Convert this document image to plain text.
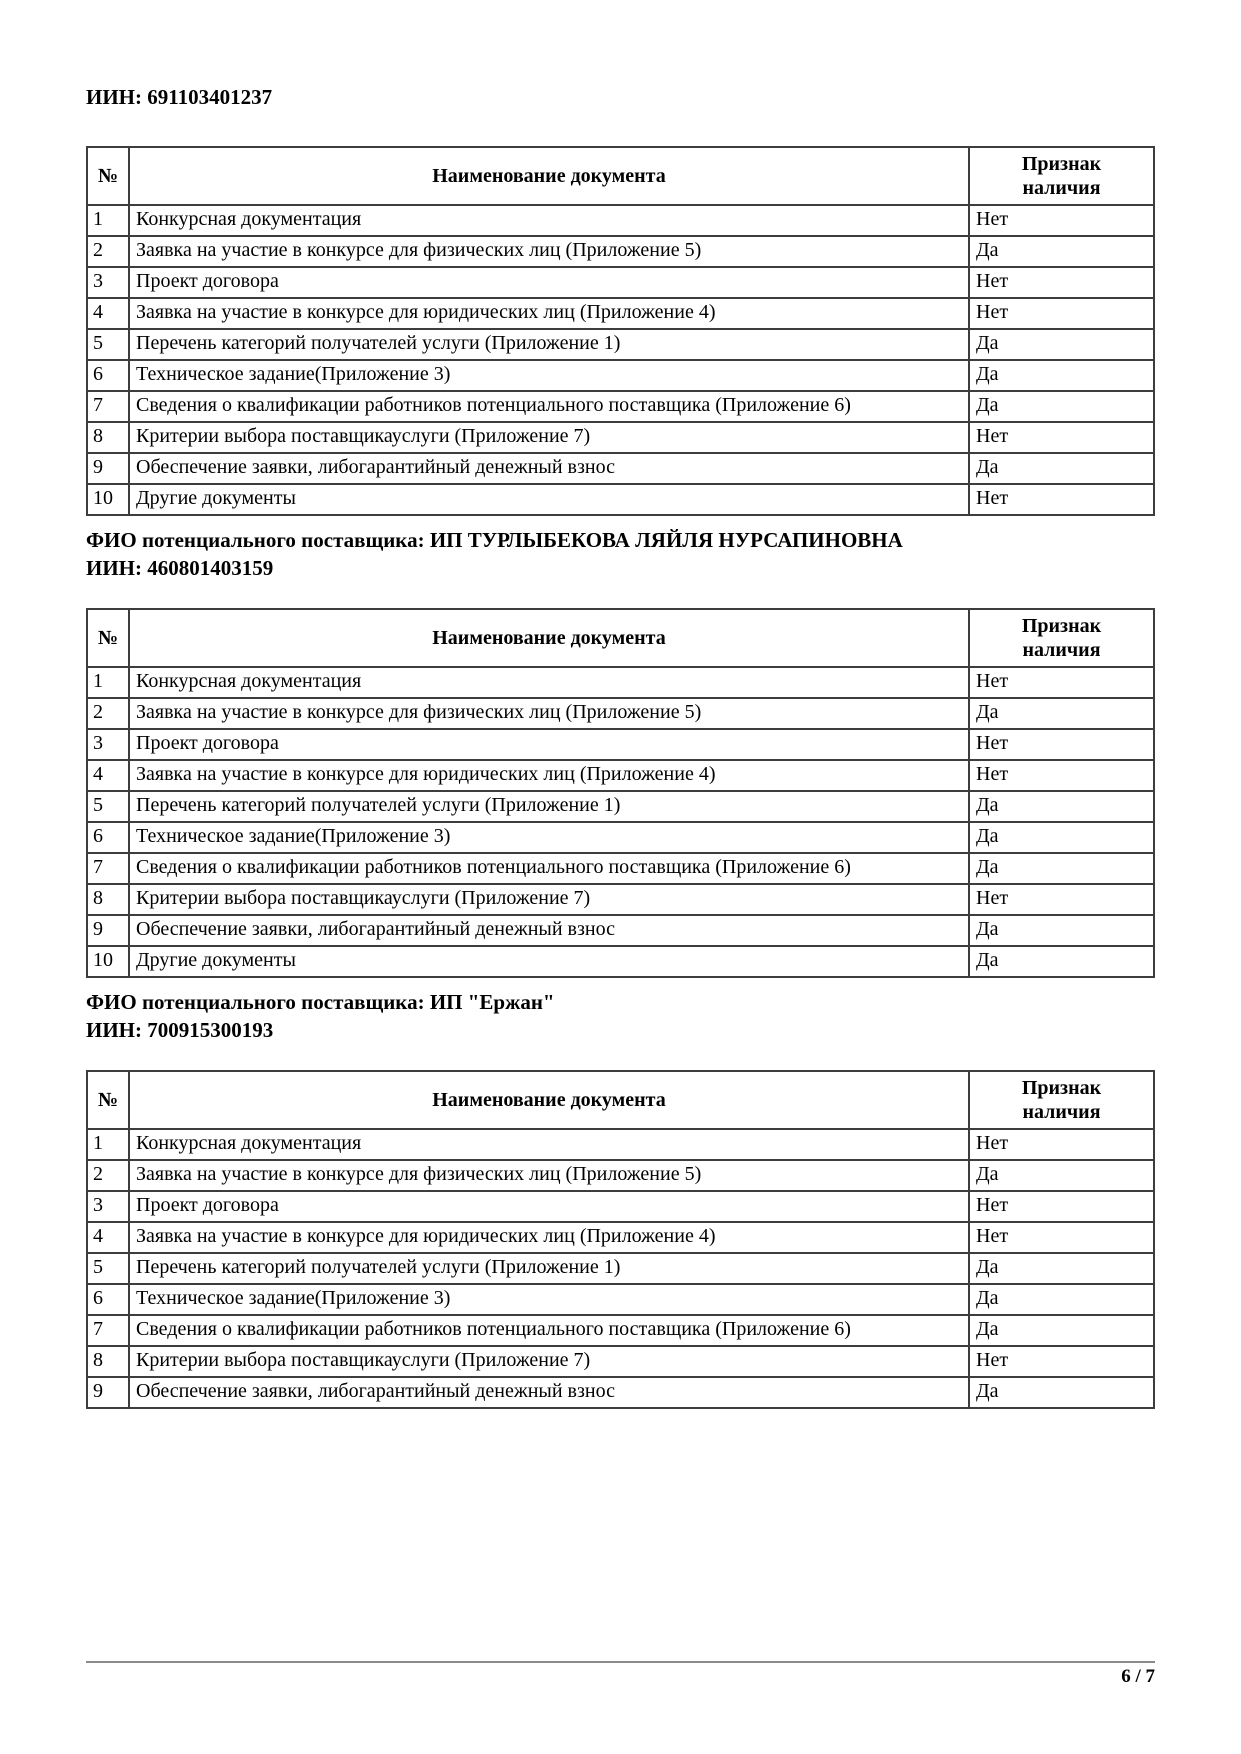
ИИН: 691103401237

№	Наименование документа	Признак наличия
1	Конкурсная документация	Нет
2	Заявка на участие в конкурсе для физических лиц (Приложение 5)	Да
3	Проект договора	Нет
4	Заявка на участие в конкурсе для юридических лиц (Приложение 4)	Нет
5	Перечень категорий получателей услуги (Приложение 1)	Да
6	Техническое задание(Приложение 3)	Да
7	Сведения о квалификации работников потенциального поставщика (Приложение 6)	Да
8	Критерии выбора поставщикауслуги (Приложение 7)	Нет
9	Обеспечение заявки, либогарантийный денежный взнос	Да
10	Другие документы	Нет

ФИО потенциального поставщика: ИП ТУРЛЫБЕКОВА ЛЯЙЛЯ НУРСАПИНОВНА

ИИН: 460801403159

№	Наименование документа	Признак наличия
1	Конкурсная документация	Нет
2	Заявка на участие в конкурсе для физических лиц (Приложение 5)	Да
3	Проект договора	Нет
4	Заявка на участие в конкурсе для юридических лиц (Приложение 4)	Нет
5	Перечень категорий получателей услуги (Приложение 1)	Да
6	Техническое задание(Приложение 3)	Да
7	Сведения о квалификации работников потенциального поставщика (Приложение 6)	Да
8	Критерии выбора поставщикауслуги (Приложение 7)	Нет
9	Обеспечение заявки, либогарантийный денежный взнос	Да
10	Другие документы	Да

ФИО потенциального поставщика: ИП "Ержан"

ИИН: 700915300193

№	Наименование документа	Признак наличия
1	Конкурсная документация	Нет
2	Заявка на участие в конкурсе для физических лиц (Приложение 5)	Да
3	Проект договора	Нет
4	Заявка на участие в конкурсе для юридических лиц (Приложение 4)	Нет
5	Перечень категорий получателей услуги (Приложение 1)	Да
6	Техническое задание(Приложение 3)	Да
7	Сведения о квалификации работников потенциального поставщика (Приложение 6)	Да
8	Критерии выбора поставщикауслуги (Приложение 7)	Нет
9	Обеспечение заявки, либогарантийный денежный взнос	Да
6 / 7
